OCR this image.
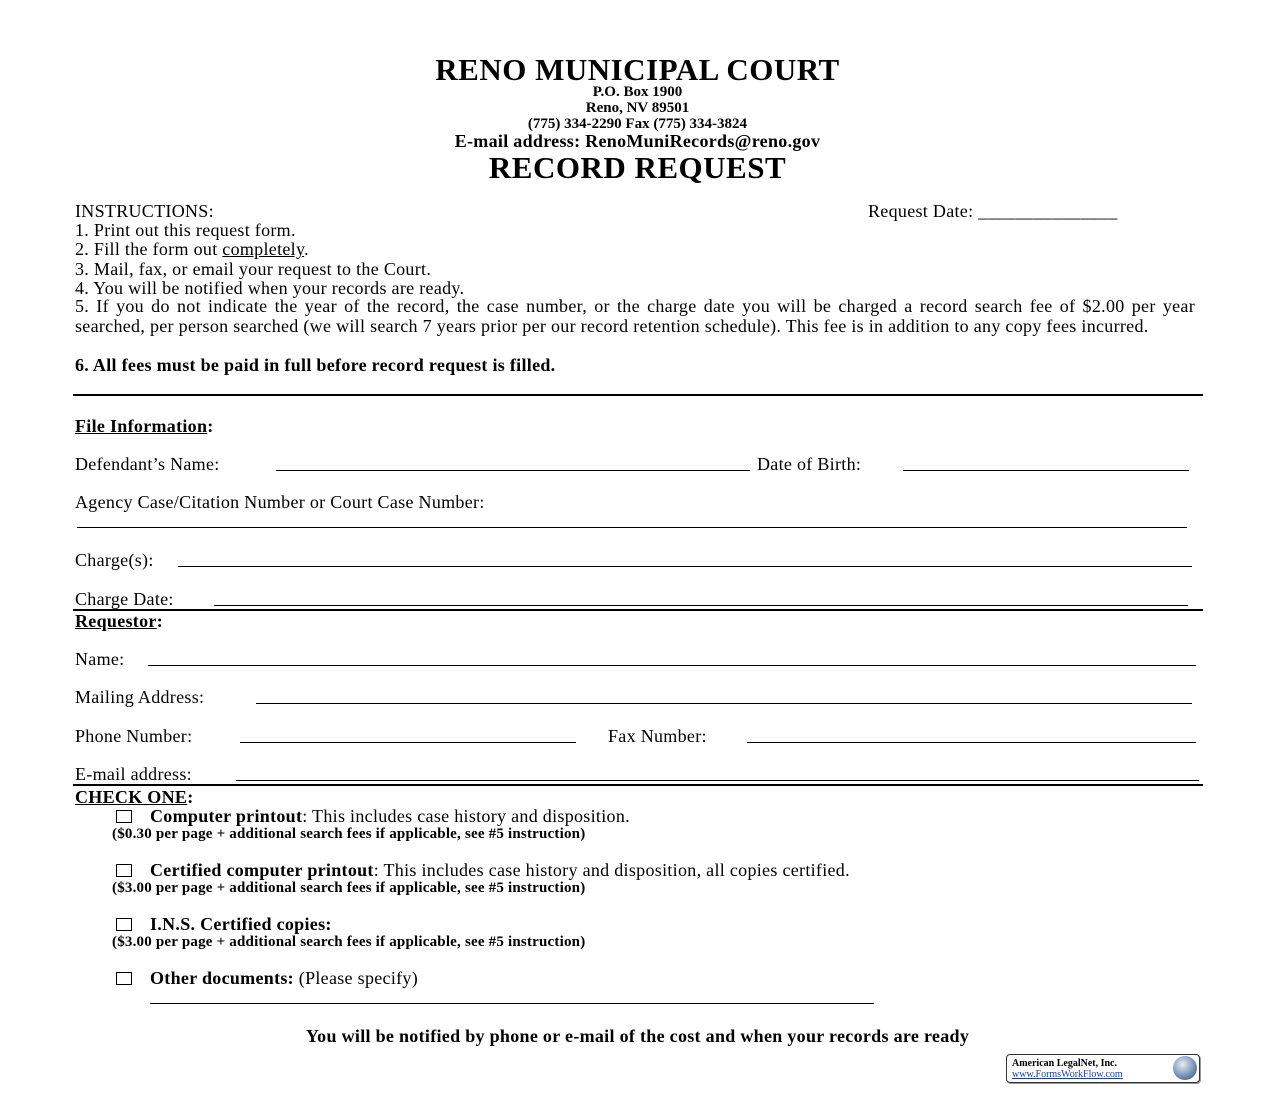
RENO MUNICIPAL COURT
P.O. Box 1900
Reno, NV 89501
(775) 334-2290 Fax (775) 334-3824
E-mail address: RenoMuniRecords@reno.gov
RECORD REQUEST
INSTRUCTIONS:	Request Date: _______________
1. Print out this request form.
2. Fill the form out completely.
3. Mail, fax, or email your request to the Court.
4. You will be notified when your records are ready.
5. If you do not indicate the year of the record, the case number, or the charge date you will be charged a record search fee of $2.00 per year searched, per person searched (we will search 7 years prior per our record retention schedule). This fee is in addition to any copy fees incurred.
6. All fees must be paid in full before record request is filled.
File Information:
Defendant’s Name:	Date of Birth:
Agency Case/Citation Number or Court Case Number:
Charge(s):
Charge Date:
Requestor:
Name:
Mailing Address:
Phone Number:	Fax Number:
E-mail address:
CHECK ONE:
Computer printout: This includes case history and disposition.
($0.30 per page + additional search fees if applicable, see #5 instruction)
Certified computer printout: This includes case history and disposition, all copies certified.
($3.00 per page + additional search fees if applicable, see #5 instruction)
I.N.S. Certified copies:
($3.00 per page + additional search fees if applicable, see #5 instruction)
Other documents: (Please specify)
You will be notified by phone or e-mail of the cost and when your records are ready
American LegalNet, Inc.
www.FormsWorkFlow.com
